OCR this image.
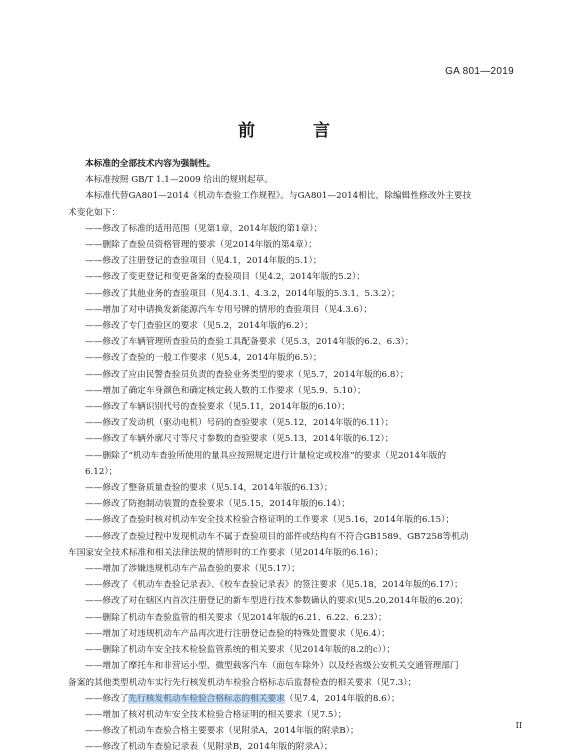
GA 801—2019
前 言

本标准的全部技术内容为强制性。

本标准按照 GB/T 1.1—2009 给出的规则起草。

本标准代替GA801—2014《机动车查验工作规程》。与GA801—2014相比，除编辑性修改外主要技

术变化如下：

——修改了标准的适用范围（见第1章，2014年版的第1章）；

——删除了查验员资格管理的要求（见2014年版的第4章）；

——修改了注册登记的查验项目（见4.1，2014年版的5.1）；

——修改了变更登记和变更备案的查验项目（见4.2，2014年版的5.2）；

——修改了其他业务的查验项目（见4.3.1、4.3.2，2014年版的5.3.1、5.3.2）；

——增加了对申请换发新能源汽车专用号牌的情形的查验项目（见4.3.6）；

——修改了专门查验区的要求（见5.2，2014年版的6.2）；

——修改了车辆管理所查验员的查验工具配备要求（见5.3，2014年版的6.2、6.3）；

——修改了查验的一般工作要求（见5.4，2014年版的6.5）；

——修改了应由民警查验员负责的查验业务类型的要求（见5.7，2014年版的6.8）；

——增加了确定车身颜色和确定核定载人数的工作要求（见5.9、5.10）；

——修改了车辆识别代号的查验要求（见5.11，2014年版的6.10）；

——修改了发动机（驱动电机）号码的查验要求（见5.12，2014年版的6.11）；

——修改了车辆外廓尺寸等尺寸参数的查验要求（见5.13，2014年版的6.12）；

——删除了“机动车查验所使用的量具应按照规定进行计量检定或校准”的要求（见2014年版的

6.12）；

——修改了整备质量查验的要求（见5.14，2014年版的6.13）；

——修改了防抱制动装置的查验要求（见5.15，2014年版的6.14）；

——修改了查验时核对机动车安全技术检验合格证明的工作要求（见5.16，2014年版的6.15）；

——修改了查验过程中发现机动车不属于查验项目的部件或结构有不符合GB1589、GB7258等机动

车国家安全技术标准和相关法律法规的情形时的工作要求（见2014年版的6.16）；

——增加了涉嫌违规机动车产品查验的要求（见5.17）；

——修改了《机动车查验记录表》、《校车查验记录表》的签注要求（见5.18，2014年版的6.17）；

——修改了对在辖区内首次注册登记的新车型进行技术参数确认的要求(见5.20,2014年版的6.20)；

——删除了机动车查验监管的相关要求（见2014年版的6.21、6.22、6.23）；

——增加了对违规机动车产品再次进行注册登记查验的特殊处置要求（见6.4）；

——删除了机动车安全技术检验监管系统的相关要求（见2014年版的8.2的c））；

——增加了摩托车和非营运小型、微型载客汽车（面包车除外）以及经省级公安机关交通管理部门

备案的其他类型机动车实行先行核发机动车检验合格标志后监督检查的相关要求（见7.3）；

——修改了先行核发机动车检验合格标志的相关要求（见7.4，2014年版的8.6）；

——增加了核对机动车安全技术检验合格证明的相关要求（见7.5）；

——修改了机动车查验合格主要要求（见附录A，2014年版的附录B）；

——修改了机动车查验记录表（见附录B，2014年版的附录A）；

II
